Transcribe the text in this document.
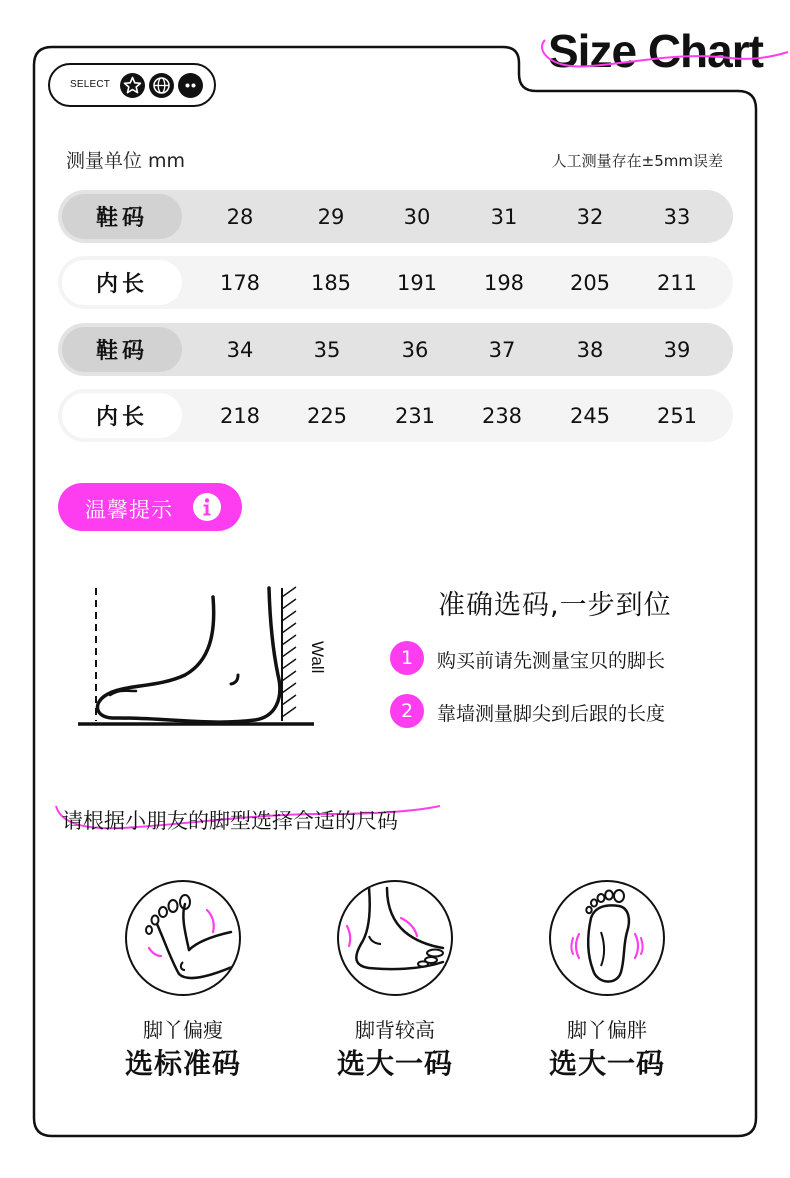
Size Chart
SELECT
测量单位 mm	人工测量存在±5mm误差
鞋码	28	29	30	31	32	33
内长	178	185	191	198	205	211
鞋码	34	35	36	37	38	39
内长	218	225	231	238	245	251
温馨提示
Wall
准确选码,一步到位
1	购买前请先测量宝贝的脚长
2	靠墙测量脚尖到后跟的长度
请根据小朋友的脚型选择合适的尺码
脚丫偏瘦
选标准码
脚背较高
选大一码
脚丫偏胖
选大一码
